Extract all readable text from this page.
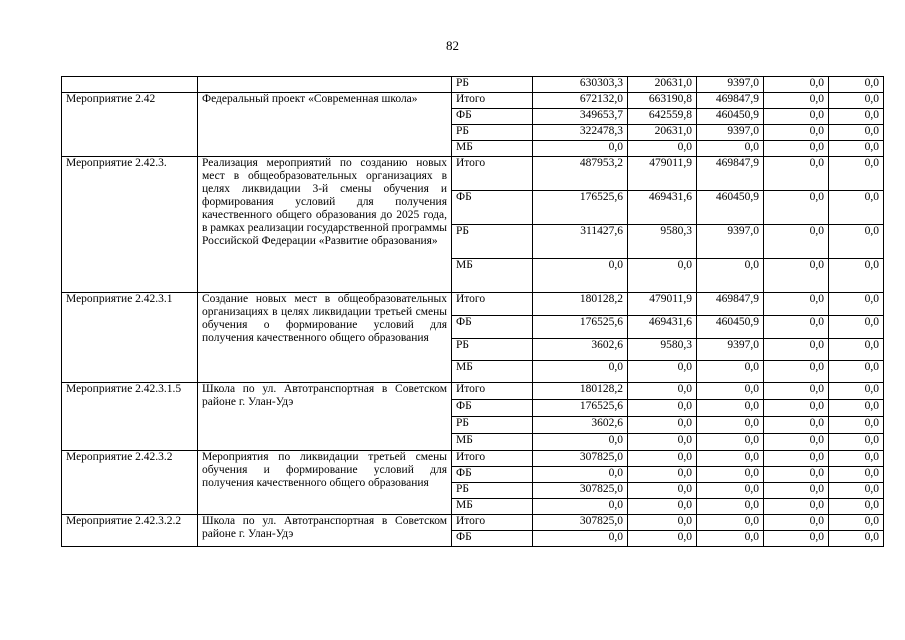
82
		РБ	630303,3	20631,0	9397,0	0,0	0,0
Мероприятие 2.42	Федеральный проект «Современная школа»	Итого	672132,0	663190,8	469847,9	0,0	0,0
		ФБ	349653,7	642559,8	460450,9	0,0	0,0
		РБ	322478,3	20631,0	9397,0	0,0	0,0
		МБ	0,0	0,0	0,0	0,0	0,0
Мероприятие 2.42.3.	Реализация мероприятий по созданию новых мест в общеобразовательных организациях в целях ликвидации 3-й смены обучения и формирования условий для получения качественного общего образования до 2025 года, в рамках реализации государственной программы Российской Федерации «Развитие образования»	Итого	487953,2	479011,9	469847,9	0,0	0,0
		ФБ	176525,6	469431,6	460450,9	0,0	0,0
		РБ	311427,6	9580,3	9397,0	0,0	0,0
		МБ	0,0	0,0	0,0	0,0	0,0
Мероприятие 2.42.3.1	Создание новых мест в общеобразовательных организациях в целях ликвидации третьей смены обучения о формирование условий для получения качественного общего образования	Итого	180128,2	479011,9	469847,9	0,0	0,0
		ФБ	176525,6	469431,6	460450,9	0,0	0,0
		РБ	3602,6	9580,3	9397,0	0,0	0,0
		МБ	0,0	0,0	0,0	0,0	0,0
Мероприятие 2.42.3.1.5	Школа по ул. Автотранспортная в Советском районе г. Улан-Удэ	Итого	180128,2	0,0	0,0	0,0	0,0
		ФБ	176525,6	0,0	0,0	0,0	0,0
		РБ	3602,6	0,0	0,0	0,0	0,0
		МБ	0,0	0,0	0,0	0,0	0,0
Мероприятие 2.42.3.2	Мероприятия по ликвидации третьей смены обучения и формирование условий для получения качественного общего образования	Итого	307825,0	0,0	0,0	0,0	0,0
		ФБ	0,0	0,0	0,0	0,0	0,0
		РБ	307825,0	0,0	0,0	0,0	0,0
		МБ	0,0	0,0	0,0	0,0	0,0
Мероприятие 2.42.3.2.2	Школа по ул. Автотранспортная в Советском районе г. Улан-Удэ	Итого	307825,0	0,0	0,0	0,0	0,0
		ФБ	0,0	0,0	0,0	0,0	0,0
